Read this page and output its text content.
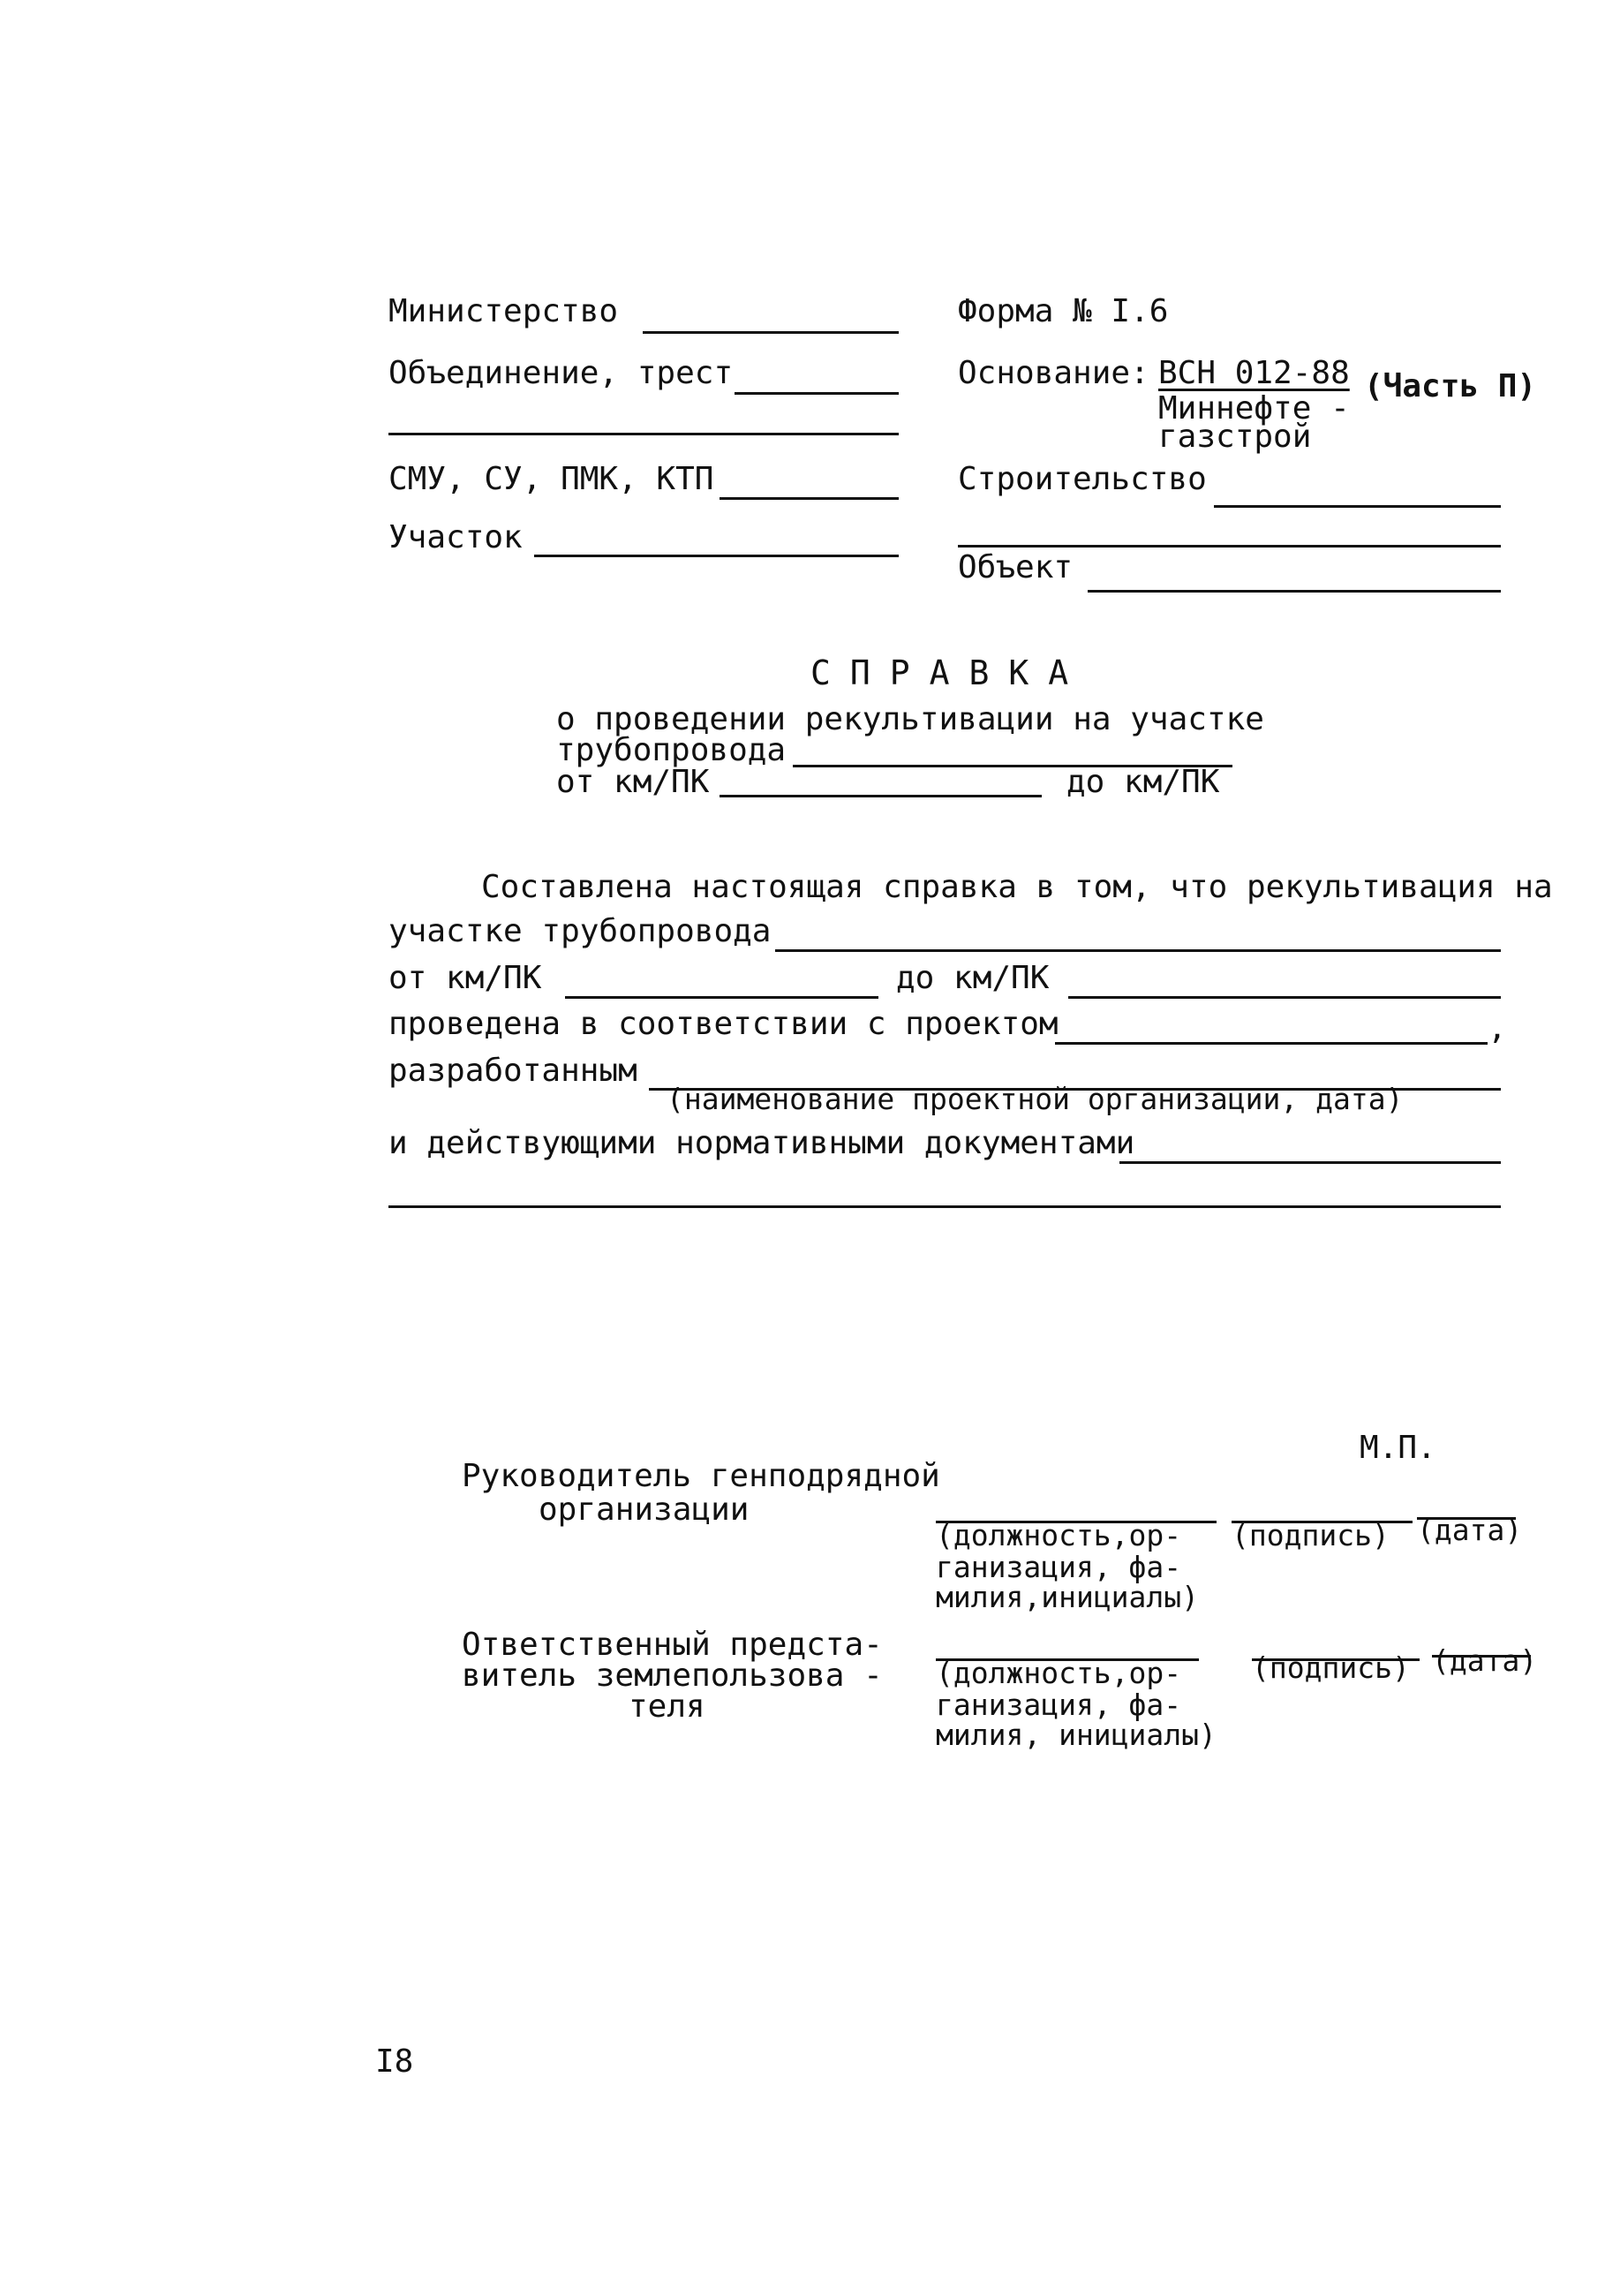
Министерство
Объединение, трест
СМУ, СУ, ПМК, КТП
Участок
Форма № I.6
Основание: ВСН 012-88 (Часть П)
Миннефте -
газстрой
Строительство
Объект
СПРАВКА
о проведении рекультивации на участке
трубопровода
от км/ПК	до км/ПК
Составлена настоящая справка в том, что рекультивация на
участке трубопровода
от км/ПК	до км/ПК
проведена в соответствии с проектом	,
разработанным
(наименование проектной организации, дата)
и действующими нормативными документами
М.П.
Руководитель генподрядной
организации
(должность,ор-
ганизация, фа-
милия,инициалы)
(подпись) (дата)
Ответственный предста-
витель землепользова -
теля
(должность,ор-
ганизация, фа-
милия, инициалы)
(подпись) (дата)
I8
